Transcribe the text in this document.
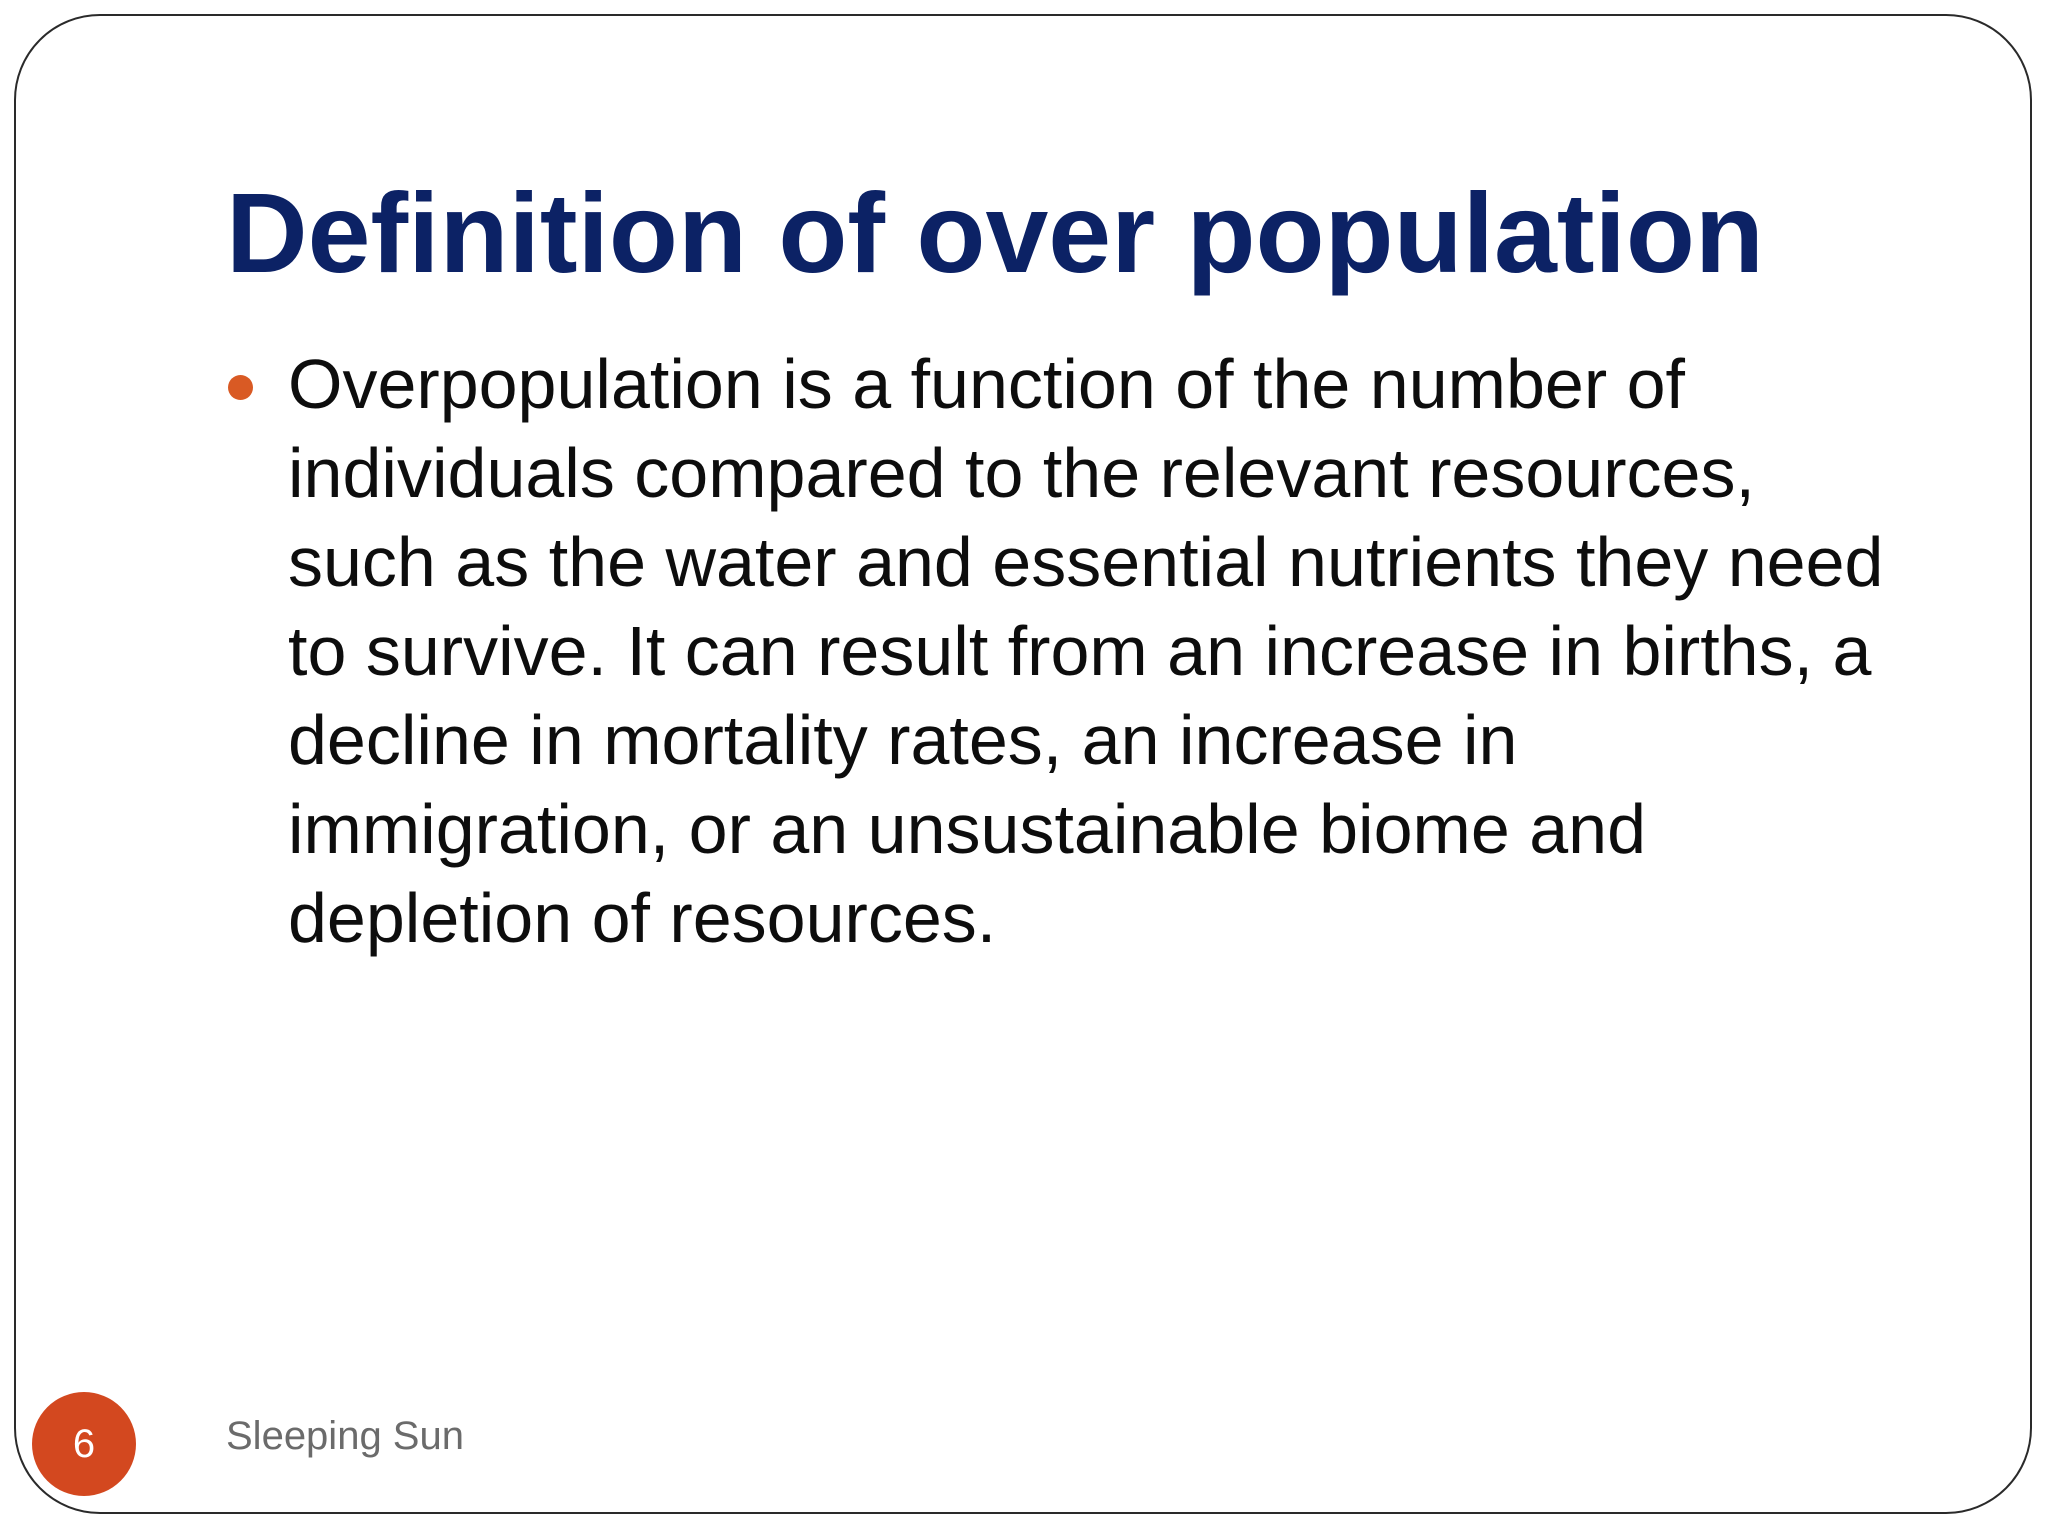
Definition of over population

Overpopulation is a function of the number of individuals compared to the relevant resources, such as the water and essential nutrients they need to survive. It can result from an increase in births, a decline in mortality rates, an increase in immigration, or an unsustainable biome and depletion of resources.

6	Sleeping Sun
